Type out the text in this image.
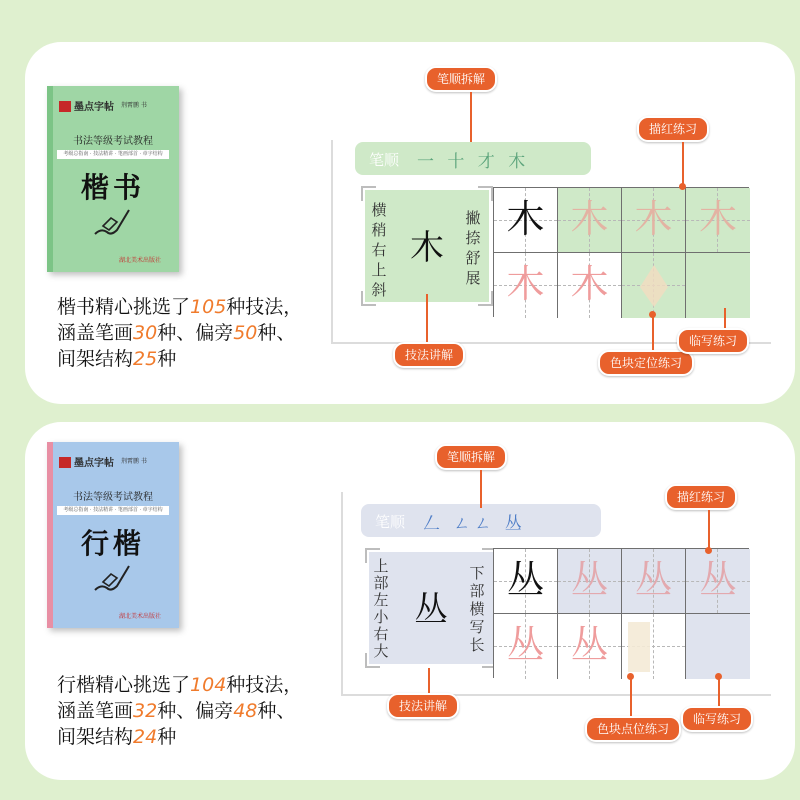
墨点字帖 荆霄鹏 书
书法等级考试教程
考级总指南 · 技法精讲 · 笔画部首 · 章字结构
楷书
湖北美术出版社
楷书精心挑选了105种技法，
涵盖笔画30种、偏旁50种、
间架结构25种
笔顺 一 十 才 木
横
稍
右
上
斜
木
撇
捺
舒
展
木 木 木 木
木 木
笔顺拆解
描红练习
技法讲解
色块定位练习
临写练习
墨点字帖 荆霄鹏 书
书法等级考试教程
考级总指南 · 技法精讲 · 笔画部首 · 章字结构
行楷
湖北美术出版社
行楷精心挑选了104种技法，
涵盖笔画32种、偏旁48种、
间架结构24种
笔顺 𠃋 ㄥㄥ 丛
上
部
左
小
右
大
丛
下
部
横
写
长
丛 丛 丛 丛
丛 丛
笔顺拆解
描红练习
技法讲解
色块点位练习
临写练习
